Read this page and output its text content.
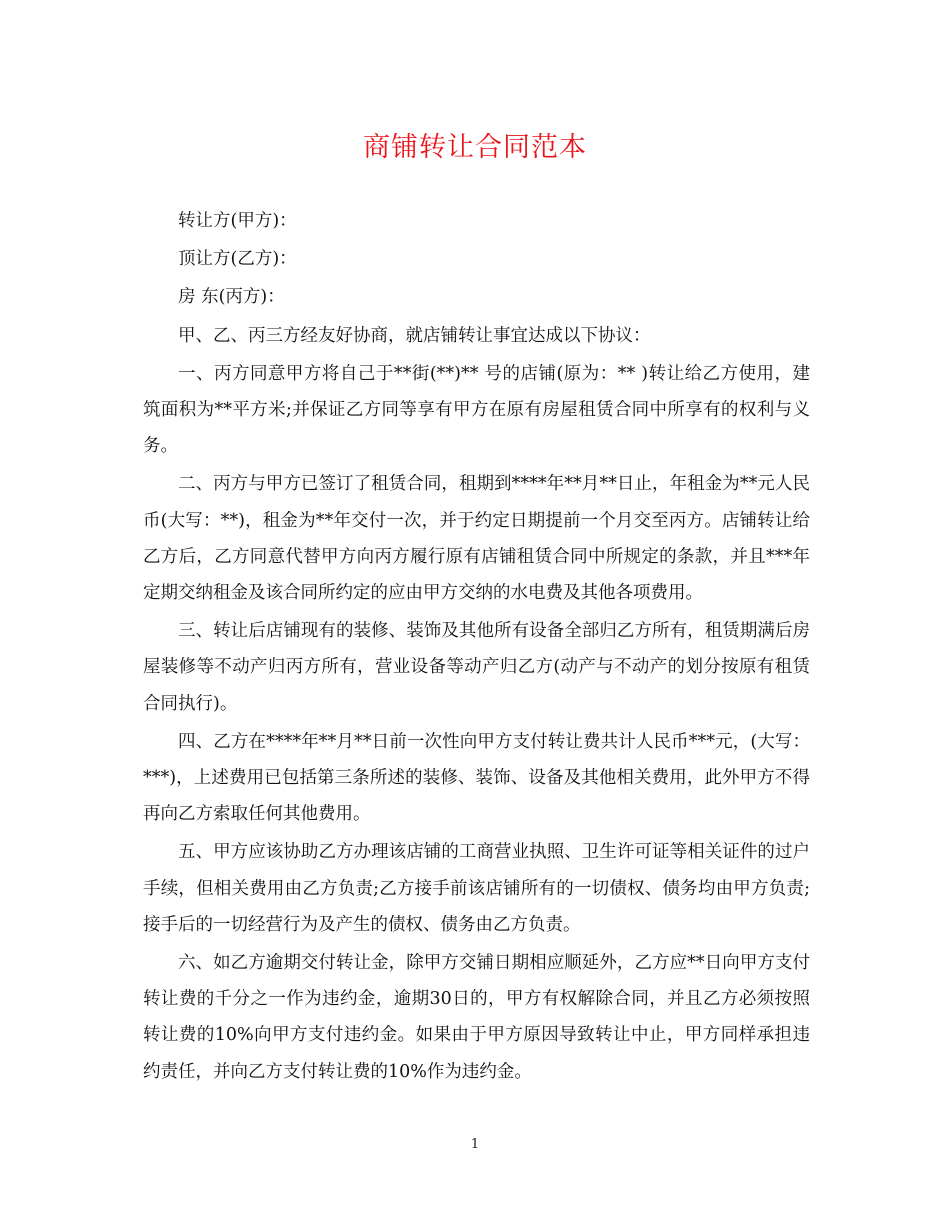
商铺转让合同范本

转让方(甲方)：

顶让方(乙方)：

房 东(丙方)：

甲、乙、丙三方经友好协商，就店铺转让事宜达成以下协议：

一、丙方同意甲方将自己于**街(**)** 号的店铺(原为：** )转让给乙方使用，建筑面积为**平方米;并保证乙方同等享有甲方在原有房屋租赁合同中所享有的权利与义务。

二、丙方与甲方已签订了租赁合同，租期到****年**月**日止，年租金为**元人民币(大写：**)，租金为**年交付一次，并于约定日期提前一个月交至丙方。店铺转让给乙方后，乙方同意代替甲方向丙方履行原有店铺租赁合同中所规定的条款，并且***年定期交纳租金及该合同所约定的应由甲方交纳的水电费及其他各项费用。

三、转让后店铺现有的装修、装饰及其他所有设备全部归乙方所有，租赁期满后房屋装修等不动产归丙方所有，营业设备等动产归乙方(动产与不动产的划分按原有租赁合同执行)。

四、乙方在****年**月**日前一次性向甲方支付转让费共计人民币***元，(大写：***)，上述费用已包括第三条所述的装修、装饰、设备及其他相关费用，此外甲方不得再向乙方索取任何其他费用。

五、甲方应该协助乙方办理该店铺的工商营业执照、卫生许可证等相关证件的过户手续，但相关费用由乙方负责;乙方接手前该店铺所有的一切债权、债务均由甲方负责;接手后的一切经营行为及产生的债权、债务由乙方负责。

六、如乙方逾期交付转让金，除甲方交铺日期相应顺延外，乙方应**日向甲方支付转让费的千分之一作为违约金，逾期30日的，甲方有权解除合同，并且乙方必须按照转让费的10%向甲方支付违约金。如果由于甲方原因导致转让中止，甲方同样承担违约责任，并向乙方支付转让费的10%作为违约金。

1
